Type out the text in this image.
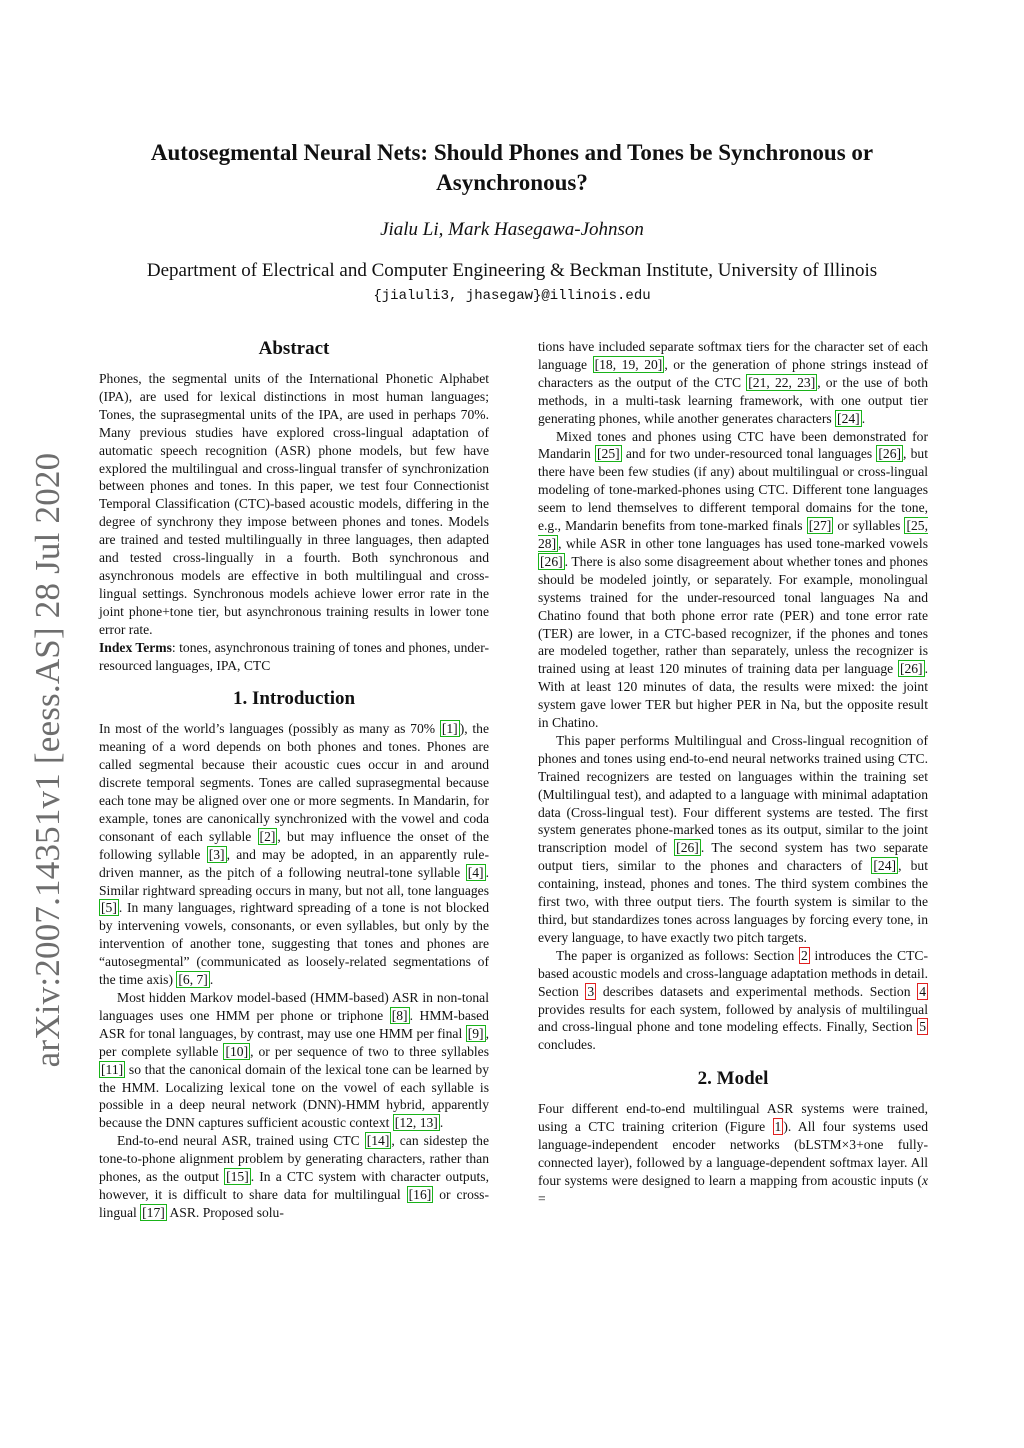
arXiv:2007.14351v1 [eess.AS] 28 Jul 2020
Autosegmental Neural Nets: Should Phones and Tones be Synchronous or
Asynchronous?
Jialu Li, Mark Hasegawa-Johnson
Department of Electrical and Computer Engineering & Beckman Institute, University of Illinois
{jialuli3, jhasegaw}@illinois.edu
Abstract

Phones, the segmental units of the International Phonetic Alphabet (IPA), are used for lexical distinctions in most human languages; Tones, the suprasegmental units of the IPA, are used in perhaps 70%. Many previous studies have explored cross-lingual adaptation of automatic speech recognition (ASR) phone models, but few have explored the multilingual and cross-lingual transfer of synchronization between phones and tones. In this paper, we test four Connectionist Temporal Classification (CTC)-based acoustic models, differing in the degree of synchrony they impose between phones and tones. Models are trained and tested multilingually in three languages, then adapted and tested cross-lingually in a fourth. Both synchronous and asynchronous models are effective in both multilingual and cross-lingual settings. Synchronous models achieve lower error rate in the joint phone+tone tier, but asynchronous training results in lower tone error rate.

Index Terms: tones, asynchronous training of tones and phones, under-resourced languages, IPA, CTC

1. Introduction

In most of the world’s languages (possibly as many as 70% [1] ), the meaning of a word depends on both phones and tones. Phones are called segmental because their acoustic cues occur in and around discrete temporal segments. Tones are called suprasegmental because each tone may be aligned over one or more segments. In Mandarin, for example, tones are canonically synchronized with the vowel and coda consonant of each syllable [2] , but may influence the onset of the following syllable [3] , and may be adopted, in an apparently rule-driven manner, as the pitch of a following neutral-tone syllable [4] . Similar rightward spreading occurs in many, but not all, tone languages [5] . In many languages, rightward spreading of a tone is not blocked by intervening vowels, consonants, or even syllables, but only by the intervention of another tone, suggesting that tones and phones are “autosegmental” (communicated as loosely-related segmentations of the time axis) [6, 7] .

Most hidden Markov model-based (HMM-based) ASR in non-tonal languages uses one HMM per phone or triphone [8] . HMM-based ASR for tonal languages, by contrast, may use one HMM per final [9] , per complete syllable [10] , or per sequence of two to three syllables [11] so that the canonical domain of the lexical tone can be learned by the HMM. Localizing lexical tone on the vowel of each syllable is possible in a deep neural network (DNN)-HMM hybrid, apparently because the DNN captures sufficient acoustic context [12, 13] .

End-to-end neural ASR, trained using CTC [14] , can sidestep the tone-to-phone alignment problem by generating characters, rather than phones, as the output [15] . In a CTC system with character outputs, however, it is difficult to share data for multilingual [16] or cross-lingual [17] ASR. Proposed solu-

tions have included separate softmax tiers for the character set of each language [18, 19, 20] , or the generation of phone strings instead of characters as the output of the CTC [21, 22, 23] , or the use of both methods, in a multi-task learning framework, with one output tier generating phones, while another generates characters [24] .

Mixed tones and phones using CTC have been demonstrated for Mandarin [25] and for two under-resourced tonal languages [26] , but there have been few studies (if any) about multilingual or cross-lingual modeling of tone-marked-phones using CTC. Different tone languages seem to lend themselves to different temporal domains for the tone, e.g., Mandarin benefits from tone-marked finals [27] or syllables [25, 28] , while ASR in other tone languages has used tone-marked vowels [26] . There is also some disagreement about whether tones and phones should be modeled jointly, or separately. For example, monolingual systems trained for the under-resourced tonal languages Na and Chatino found that both phone error rate (PER) and tone error rate (TER) are lower, in a CTC-based recognizer, if the phones and tones are modeled together, rather than separately, unless the recognizer is trained using at least 120 minutes of training data per language [26] . With at least 120 minutes of data, the results were mixed: the joint system gave lower TER but higher PER in Na, but the opposite result in Chatino.

This paper performs Multilingual and Cross-lingual recognition of phones and tones using end-to-end neural networks trained using CTC. Trained recognizers are tested on languages within the training set (Multilingual test), and adapted to a language with minimal adaptation data (Cross-lingual test). Four different systems are tested. The first system generates phone-marked tones as its output, similar to the joint transcription model of [26] . The second system has two separate output tiers, similar to the phones and characters of [24] , but containing, instead, phones and tones. The third system combines the first two, with three output tiers. The fourth system is similar to the third, but standardizes tones across languages by forcing every tone, in every language, to have exactly two pitch targets.

The paper is organized as follows: Section 2 introduces the CTC-based acoustic models and cross-language adaptation methods in detail. Section 3 describes datasets and experimental methods. Section 4 provides results for each system, followed by analysis of multilingual and cross-lingual phone and tone modeling effects. Finally, Section 5 concludes.

2. Model

Four different end-to-end multilingual ASR systems were trained, using a CTC training criterion (Figure 1 ). All four systems used language-independent encoder networks (bLSTM×3+one fully-connected layer), followed by a language-dependent softmax layer. All four systems were designed to learn a mapping from acoustic inputs (x =
